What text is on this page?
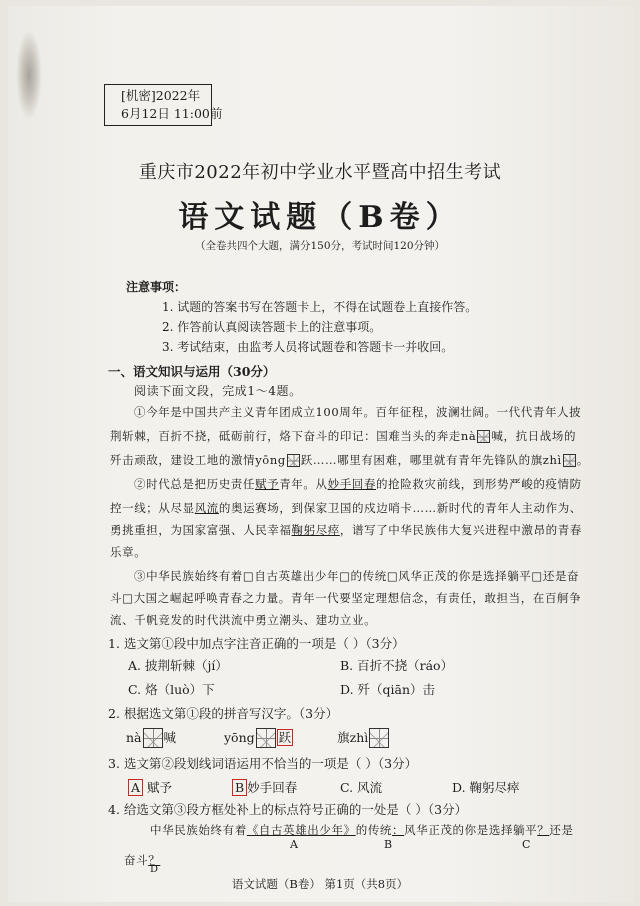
[机密]2022年
6月12日 11:00前
重庆市2022年初中学业水平暨高中招生考试
语文试题（B卷）
（全卷共四个大题，满分150分，考试时间120分钟）
注意事项：
1. 试题的答案书写在答题卡上，不得在试题卷上直接作答。
2. 作答前认真阅读答题卡上的注意事项。
3. 考试结束，由监考人员将试题卷和答题卡一并收回。
一、语文知识与运用（30分）
阅读下面文段，完成1～4题。
①今年是中国共产主义青年团成立100周年。百年征程，波澜壮阔。一代代青年人披
荆斩棘，百折不挠，砥砺前行，烙下奋斗的印记：国难当头的奔走nà 喊，抗日战场的
歼击顽敌，建设工地的激情yōng 跃……哪里有困难，哪里就有青年先锋队的旗zhì 。
②时代总是把历史责任赋予青年。从妙手回春的抢险救灾前线，到形势严峻的疫情防
控一线；从尽显风流的奥运赛场，到保家卫国的戍边哨卡……新时代的青年人主动作为、
勇挑重担，为国家富强、人民幸福鞠躬尽瘁，谱写了中华民族伟大复兴进程中激昂的青春
乐章。
③中华民族始终有着□自古英雄出少年□的传统□风华正茂的你是选择躺平□还是奋
斗□大国之崛起呼唤青春之力量。青年一代要坚定理想信念，有责任，敢担当，在百舸争
流、千帆竞发的时代洪流中勇立潮头、建功立业。
1. 选文第①段中加点字注音正确的一项是（ ）（3分）
A. 披荆斩棘（jí）	B. 百折不挠（ráo）
C. 烙（luò）下	D. 歼（qiān）击
2. 根据选文第①段的拼音写汉字。（3分）
nà 喊	yōng 跃	旗zhì
3. 选文第②段划线词语运用不恰当的一项是（ ）（3分）
A 赋予	B 妙手回春	C. 风流	D. 鞠躬尽瘁
4. 给选文第③段方框处补上的标点符号正确的一处是（ ）（3分）
语文试题（B卷） 第1页（共8页）
中华民族始终有着《自古英雄出少年》的传统：风华正茂的你是选择躺平？还是
A	B	C
奋斗？
D
